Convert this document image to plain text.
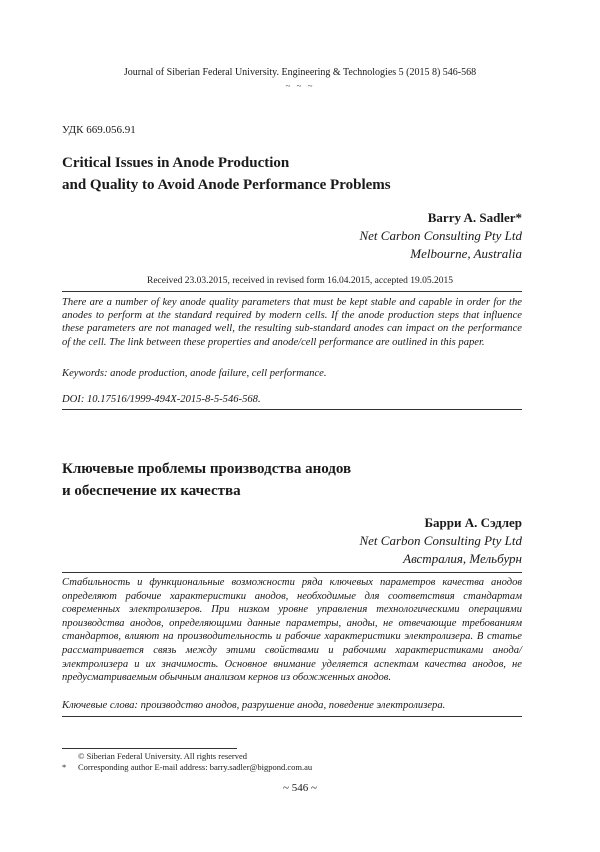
Journal of Siberian Federal University. Engineering & Technologies 5 (2015 8) 546-568
~ ~ ~
УДК 669.056.91
Critical Issues in Anode Production
and Quality to Avoid Anode Performance Problems
Barry A. Sadler*
Net Carbon Consulting Pty Ltd
Melbourne, Australia
Received 23.03.2015, received in revised form 16.04.2015, accepted 19.05.2015
There are a number of key anode quality parameters that must be kept stable and capable in order for the anodes to perform at the standard required by modern cells. If the anode production steps that influence these parameters are not managed well, the resulting sub-standard anodes can impact on the performance of the cell. The link between these properties and anode/cell performance are outlined in this paper.
Keywords: anode production, anode failure, cell performance.
DOI: 10.17516/1999-494X-2015-8-5-546-568.
Ключевые проблемы производства анодов
и обеспечение их качества
Барри А. Сэдлер
Net Carbon Consulting Pty Ltd
Австралия, Мельбурн
Стабильность и функциональные возможности ряда ключевых параметров качества анодов определяют рабочие характеристики анодов, необходимые для соответствия стандартам современных электролизеров. При низком уровне управления технологическими операциями производства анодов, определяющими данные параметры, аноды, не отвечающие требованиям стандартов, влияют на производительность и рабочие характеристики электролизера. В статье рассматривается связь между этими свойствами и рабочими характеристиками анода/электролизера и их значимость. Основное внимание уделяется аспектам качества анодов, не предусматриваемым обычным анализом кернов из обожженных анодов.
Ключевые слова: производство анодов, разрушение анода, поведение электролизера.
© Siberian Federal University. All rights reserved
* Corresponding author E-mail address: barry.sadler@bigpond.com.au
~ 546 ~
